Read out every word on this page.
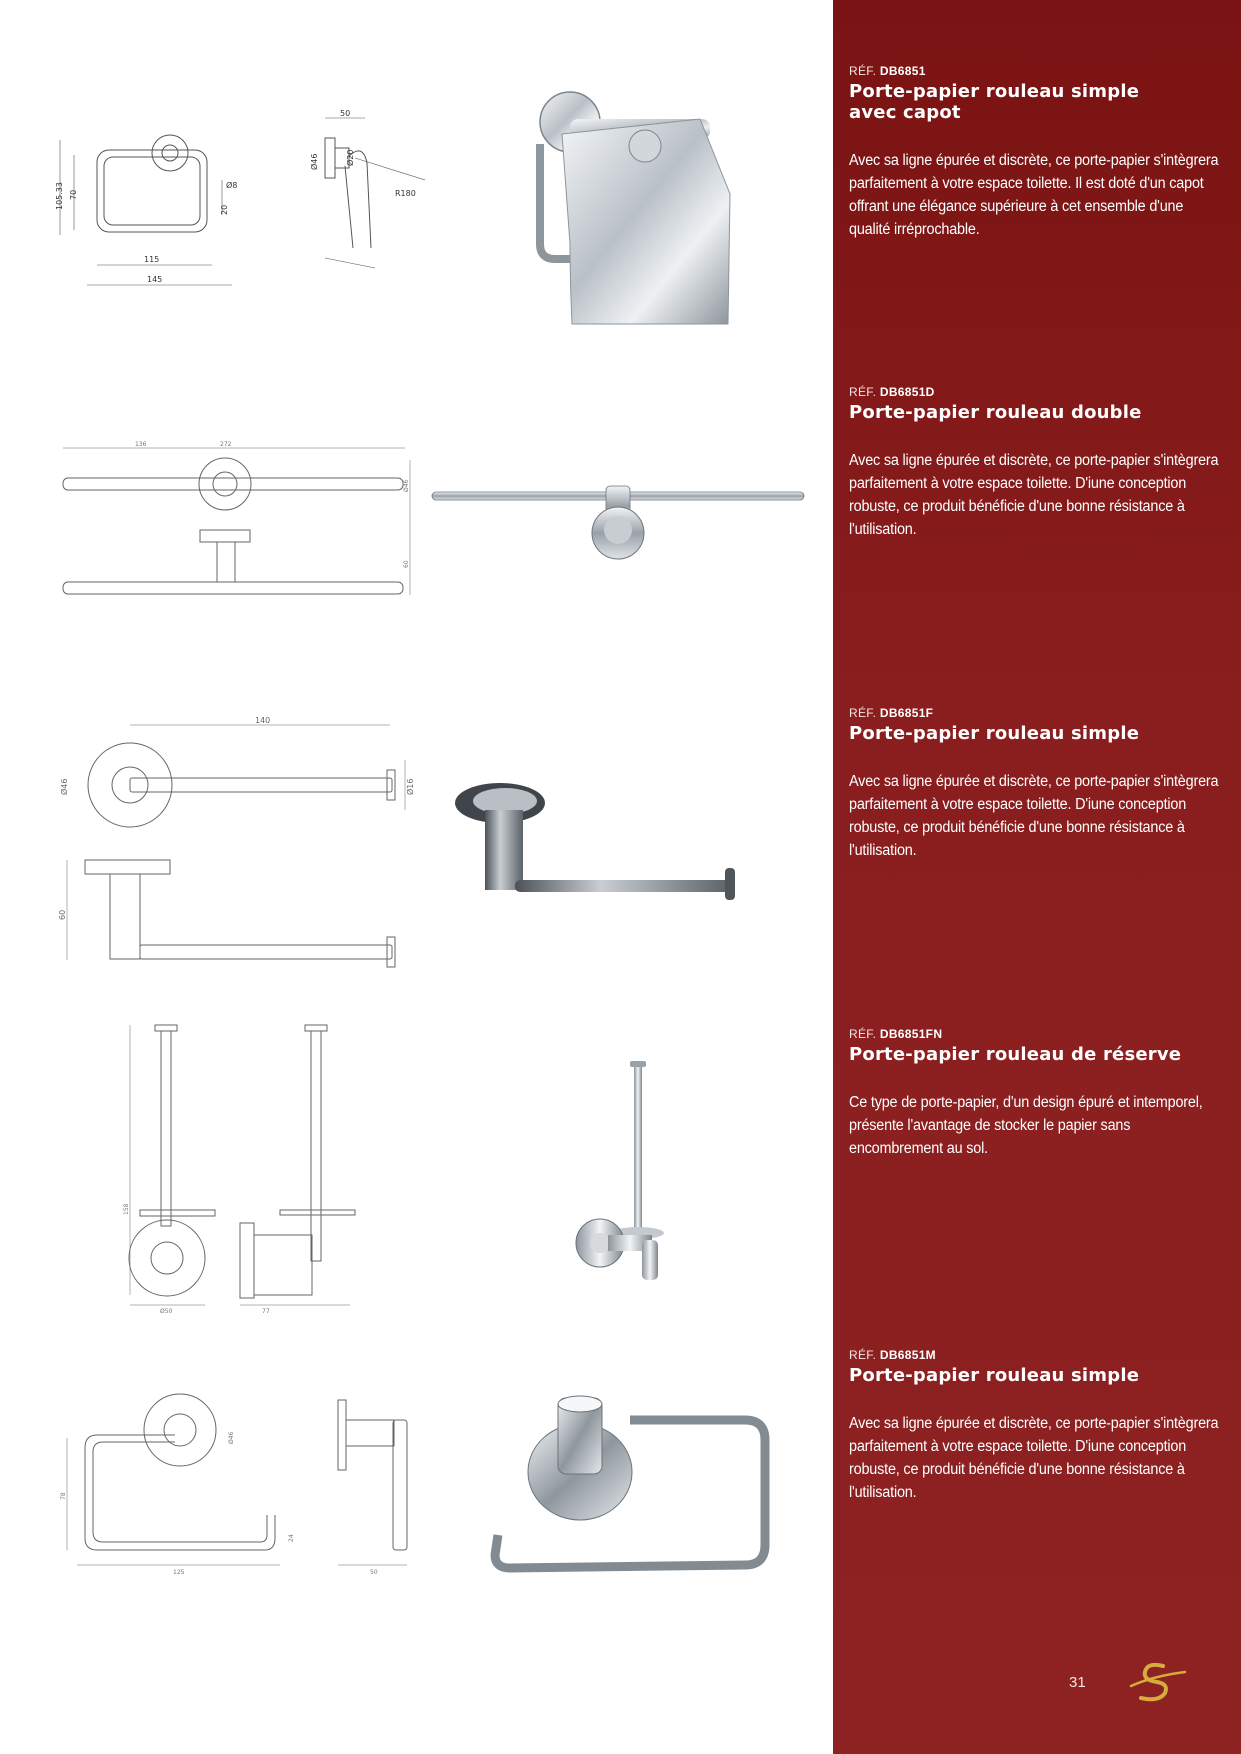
105.33 70
115
145
Ø8
20
50
Ø46	Ø20
R180
136	272
Ø46
60
140
Ø46	Ø16
60
158
Ø50	77
Ø46
78
125
24
50
RÉF. DB6851
Porte-papier rouleau simple
avec capot
Avec sa ligne épurée et discrète, ce porte-papier s'intègrera parfaitement à votre espace toilette. Il est doté d'un capot offrant une élégance supérieure à cet ensemble d'une qualité irréprochable.
RÉF. DB6851D
Porte-papier rouleau double
Avec sa ligne épurée et discrète, ce porte-papier s'intègrera parfaitement à votre espace toilette. D'iune conception robuste, ce produit bénéficie d'une bonne résistance à l'utilisation.
RÉF. DB6851F
Porte-papier rouleau simple
Avec sa ligne épurée et discrète, ce porte-papier s'intègrera parfaitement à votre espace toilette. D'iune conception robuste, ce produit bénéficie d'une bonne résistance à l'utilisation.
RÉF. DB6851FN
Porte-papier rouleau de réserve
Ce type de porte-papier, d'un design épuré et intemporel, présente l'avantage de stocker le papier sans encombrement au sol.
RÉF. DB6851M
Porte-papier rouleau simple
Avec sa ligne épurée et discrète, ce porte-papier s'intègrera parfaitement à votre espace toilette. D'iune conception robuste, ce produit bénéficie d'une bonne résistance à l'utilisation.
31
